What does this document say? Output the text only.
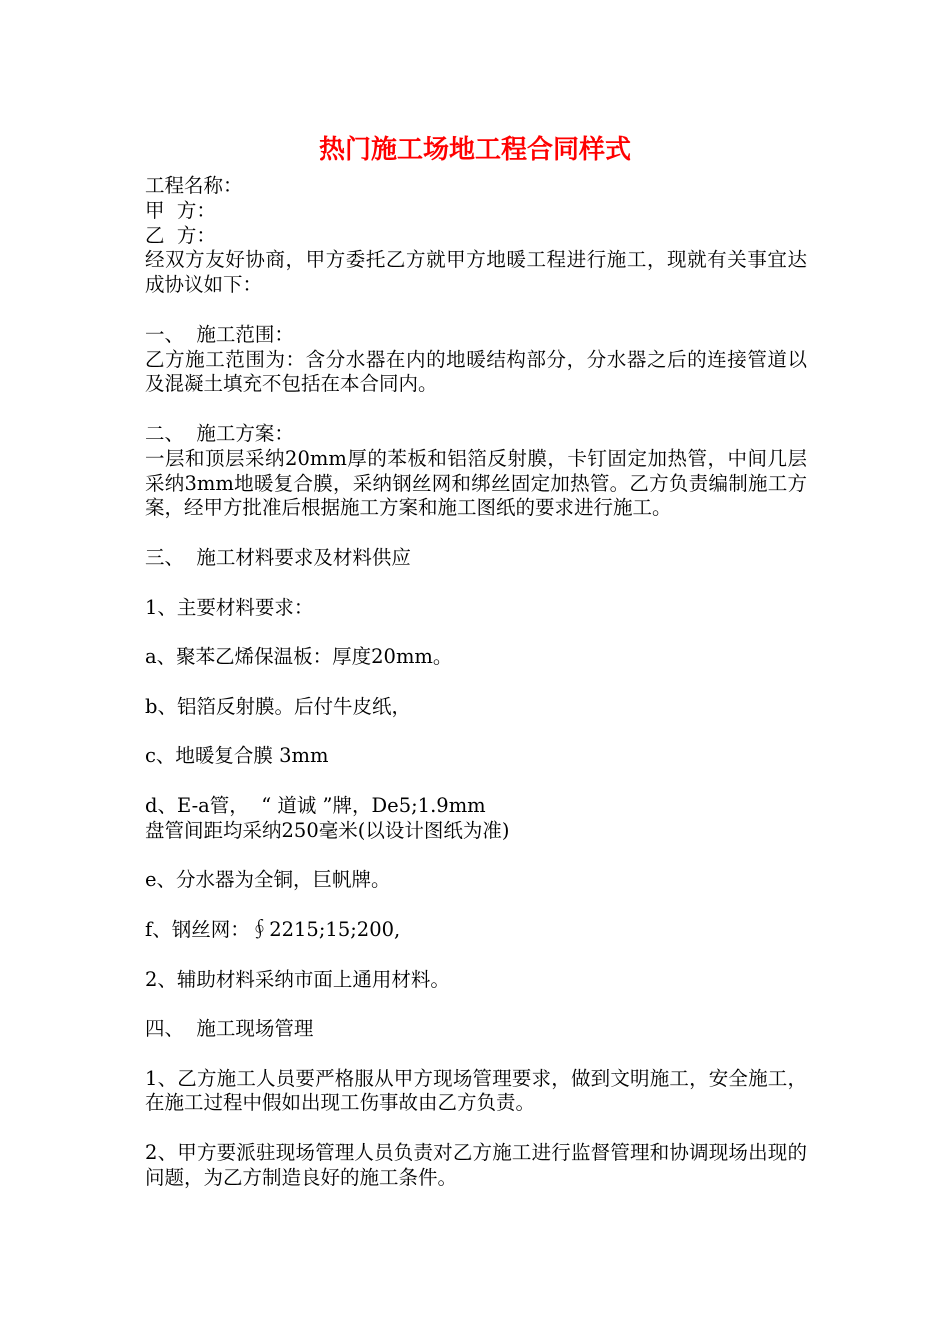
热门施工场地工程合同样式

工程名称：

甲  方：

乙  方：

经双方友好协商，甲方委托乙方就甲方地暖工程进行施工，现就有关事宜达成协议如下：

一、  施工范围：

乙方施工范围为：含分水器在内的地暖结构部分，分水器之后的连接管道以及混凝土填充不包括在本合同内。

二、  施工方案：

一层和顶层采纳20mm厚的苯板和铝箔反射膜，卡钉固定加热管，中间几层采纳3mm地暖复合膜，采纳钢丝网和绑丝固定加热管。乙方负责编制施工方案，经甲方批准后根据施工方案和施工图纸的要求进行施工。

三、  施工材料要求及材料供应

1、主要材料要求：

a、聚苯乙烯保温板：厚度20mm。

b、铝箔反射膜。后付牛皮纸，

c、地暖复合膜 3mm

d、E-a管，  “ 道诚 ”牌，De5;1.9mm

盘管间距均采纳250毫米(以设计图纸为准)

e、分水器为全铜，巨帆牌。

f、钢丝网：∮2215;15;200,

2、辅助材料采纳市面上通用材料。

四、  施工现场管理

1、乙方施工人员要严格服从甲方现场管理要求，做到文明施工，安全施工，在施工过程中假如出现工伤事故由乙方负责。

2、甲方要派驻现场管理人员负责对乙方施工进行监督管理和协调现场出现的问题，为乙方制造良好的施工条件。
